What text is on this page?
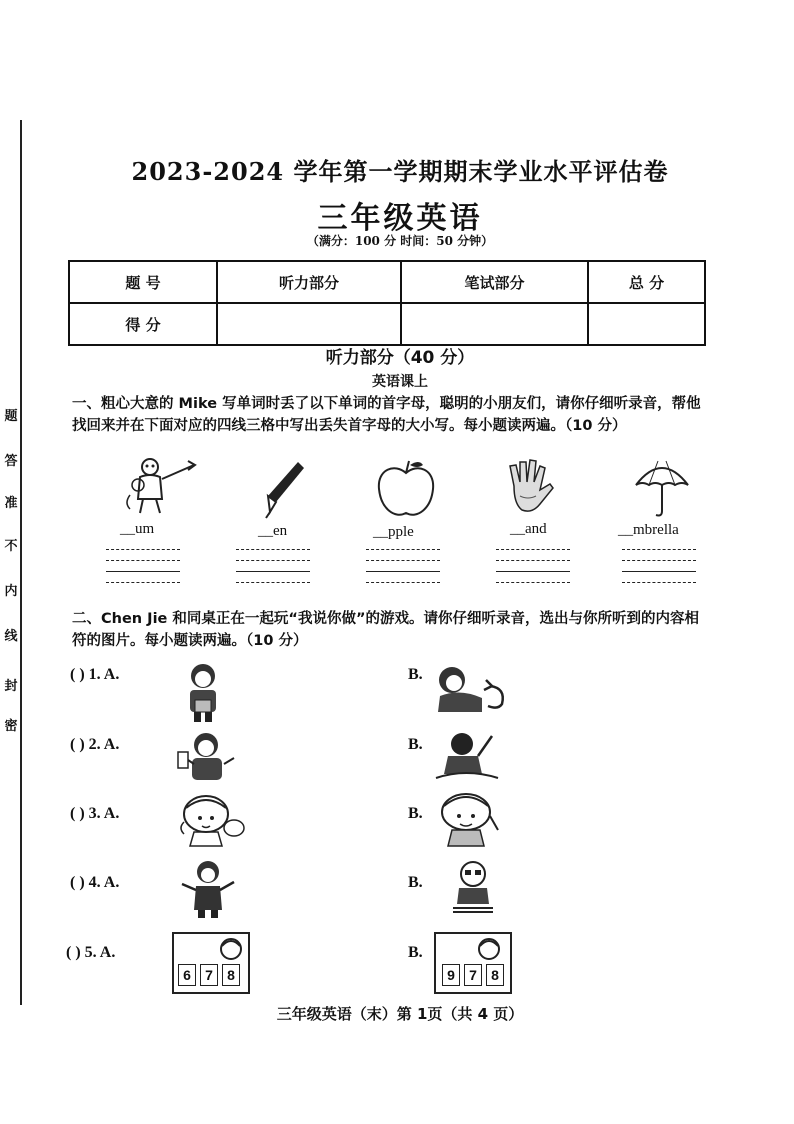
题
答
准
不
内
线
封
密
2023-2024 学年第一学期期末学业水平评估卷
三年级英语
（满分：100 分 时间：50 分钟）
题 号	听力部分	笔试部分	总 分
得 分			
听力部分（40 分）
英语课上
一、粗心大意的 Mike 写单词时丢了以下单词的首字母，聪明的小朋友们，请你仔细听录音，帮他找回来并在下面对应的四线三格中写出丢失首字母的大小写。每小题读两遍。（10 分）
__um	__en	__pple	__and	__mbrella
二、Chen Jie 和同桌正在一起玩“我说你做”的游戏。请你仔细听录音，选出与你所听到的内容相符的图片。每小题读两遍。（10 分）
( ) 1. A.	B.
( ) 2. A.	B.
( ) 3. A.	B.
( ) 4. A.	B.
( ) 5. A.
6	7	8
B.
9	7	8
三年级英语（末）第 1页（共 4 页）
